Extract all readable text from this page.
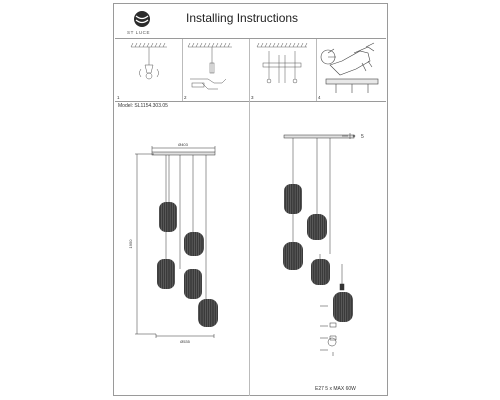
ST LUCE
Installing Instructions
1	2	3	4
Model: SL1154.303.05
Ø403
1950
Ø535
5
E27 5 x MAX 60W
